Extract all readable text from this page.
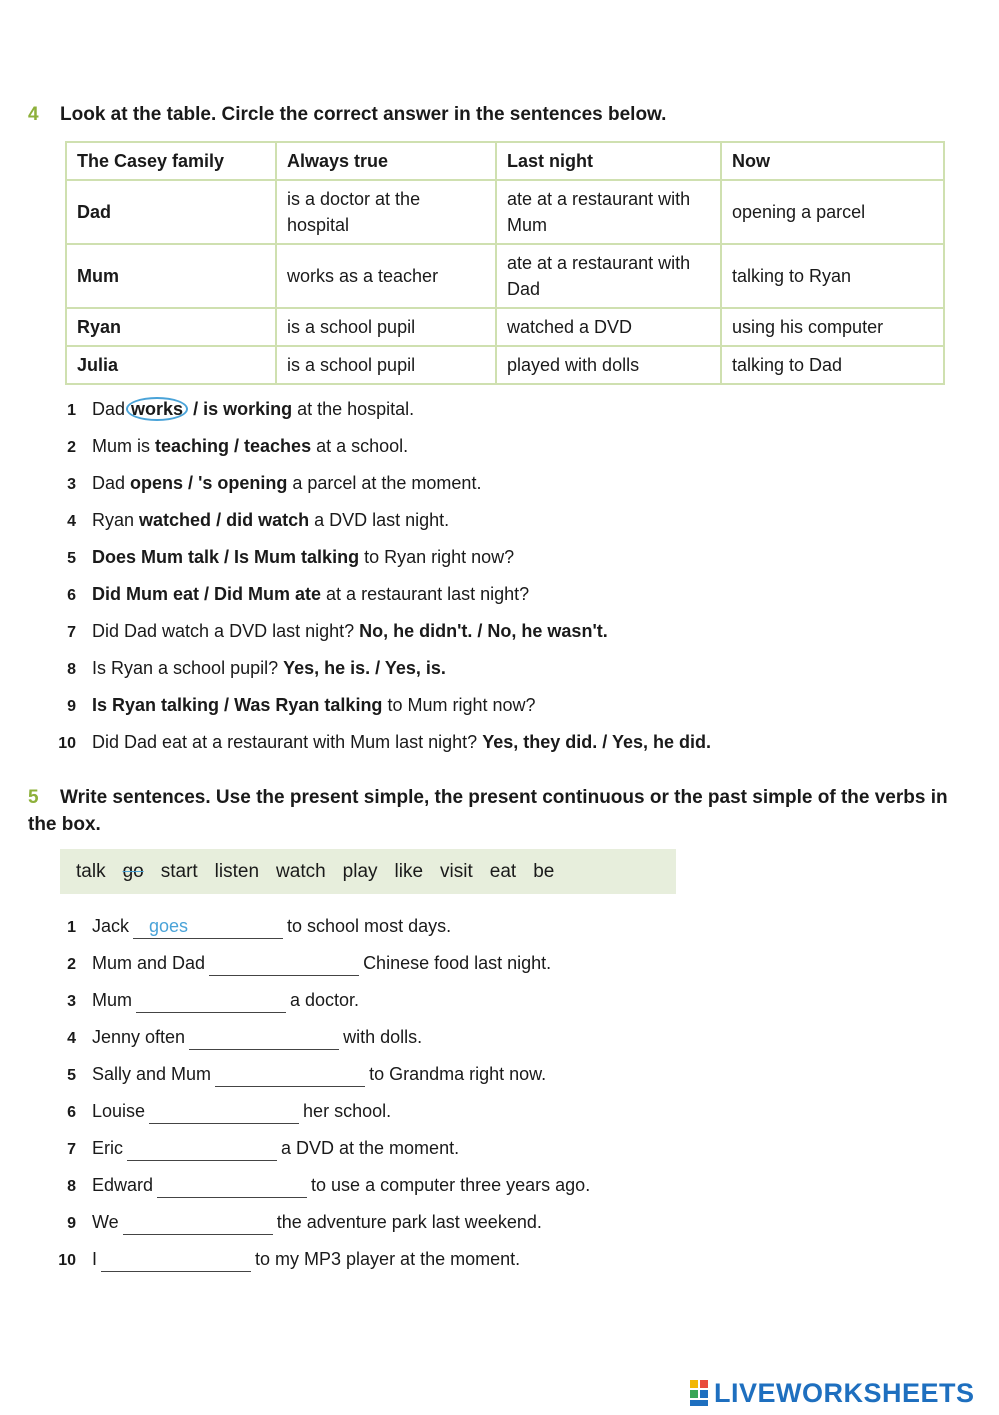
4 Look at the table. Circle the correct answer in the sentences below.
The Casey family	Always true	Last night	Now
Dad	is a doctor at the hospital	ate at a restaurant with Mum	opening a parcel
Mum	works as a teacher	ate at a restaurant with Dad	talking to Ryan
Ryan	is a school pupil	watched a DVD	using his computer
Julia	is a school pupil	played with dolls	talking to Dad
1 Dad works / is working at the hospital.
2 Mum is teaching / teaches at a school.
3 Dad opens / 's opening a parcel at the moment.
4 Ryan watched / did watch a DVD last night.
5 Does Mum talk / Is Mum talking to Ryan right now?
6 Did Mum eat / Did Mum ate at a restaurant last night?
7 Did Dad watch a DVD last night? No, he didn't. / No, he wasn't.
8 Is Ryan a school pupil? Yes, he is. / Yes, is.
9 Is Ryan talking / Was Ryan talking to Mum right now?
10 Did Dad eat at a restaurant with Mum last night? Yes, they did. / Yes, he did.
5 Write sentences. Use the present simple, the present continuous or the past simple of the verbs in the box.
talk go start listen watch play like visit eat be
1 Jack goes	to school most days.
2 Mum and Dad	Chinese food last night.
3 Mum	a doctor.
4 Jenny often	with dolls.
5 Sally and Mum	to Grandma right now.
6 Louise	her school.
7 Eric	a DVD at the moment.
8 Edward	to use a computer three years ago.
9 We	the adventure park last weekend.
10 I	to my MP3 player at the moment.
LIVEWORKSHEETS
